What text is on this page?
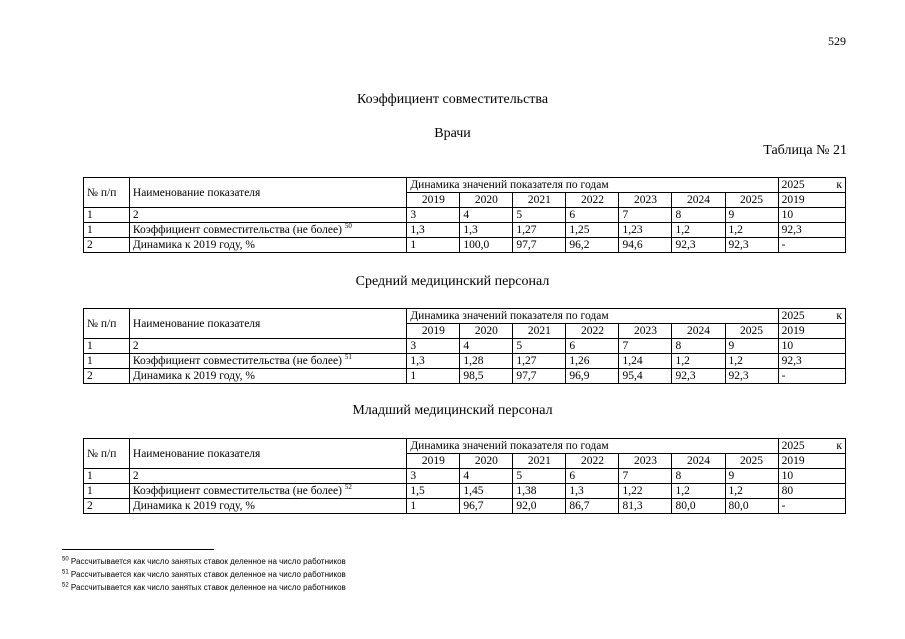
529
Коэффициент совместительства
Врачи
Таблица № 21
№ п/п	Наименование показателя	Динамика значений показателя по годам							2025 к

		2019	2020	2021	2022	2023	2024	2025	2019
1	2	3	4	5	6	7	8	9	10
1	Коэффициент совместительства (не более) $^{50}$	1,3	1,3	1,27	1,25	1,23	1,2	1,2	92,3
2	Динамика к 2019 году, %	1	100,0	97,7	96,2	94,6	92,3	92,3	-
Средний медицинский персонал
№ п/п	Наименование показателя	Динамика значений показателя по годам							2025 к

		2019	2020	2021	2022	2023	2024	2025	2019
1	2	3	4	5	6	7	8	9	10
1	Коэффициент совместительства (не более) $^{51}$	1,3	1,28	1,27	1,26	1,24	1,2	1,2	92,3
2	Динамика к 2019 году, %	1	98,5	97,7	96,9	95,4	92,3	92,3	-
Младший медицинский персонал
№ п/п	Наименование показателя	Динамика значений показателя по годам							2025 к

		2019	2020	2021	2022	2023	2024	2025	2019
1	2	3	4	5	6	7	8	9	10
1	Коэффициент совместительства (не более) $^{52}$	1,5	1,45	1,38	1,3	1,22	1,2	1,2	80
2	Динамика к 2019 году, %	1	96,7	92,0	86,7	81,3	80,0	80,0	-
$^{50}$ Рассчитывается как число занятых ставок деленное на число работников
$^{51}$ Рассчитывается как число занятых ставок деленное на число работников
$^{52}$ Рассчитывается как число занятых ставок деленное на число работников
